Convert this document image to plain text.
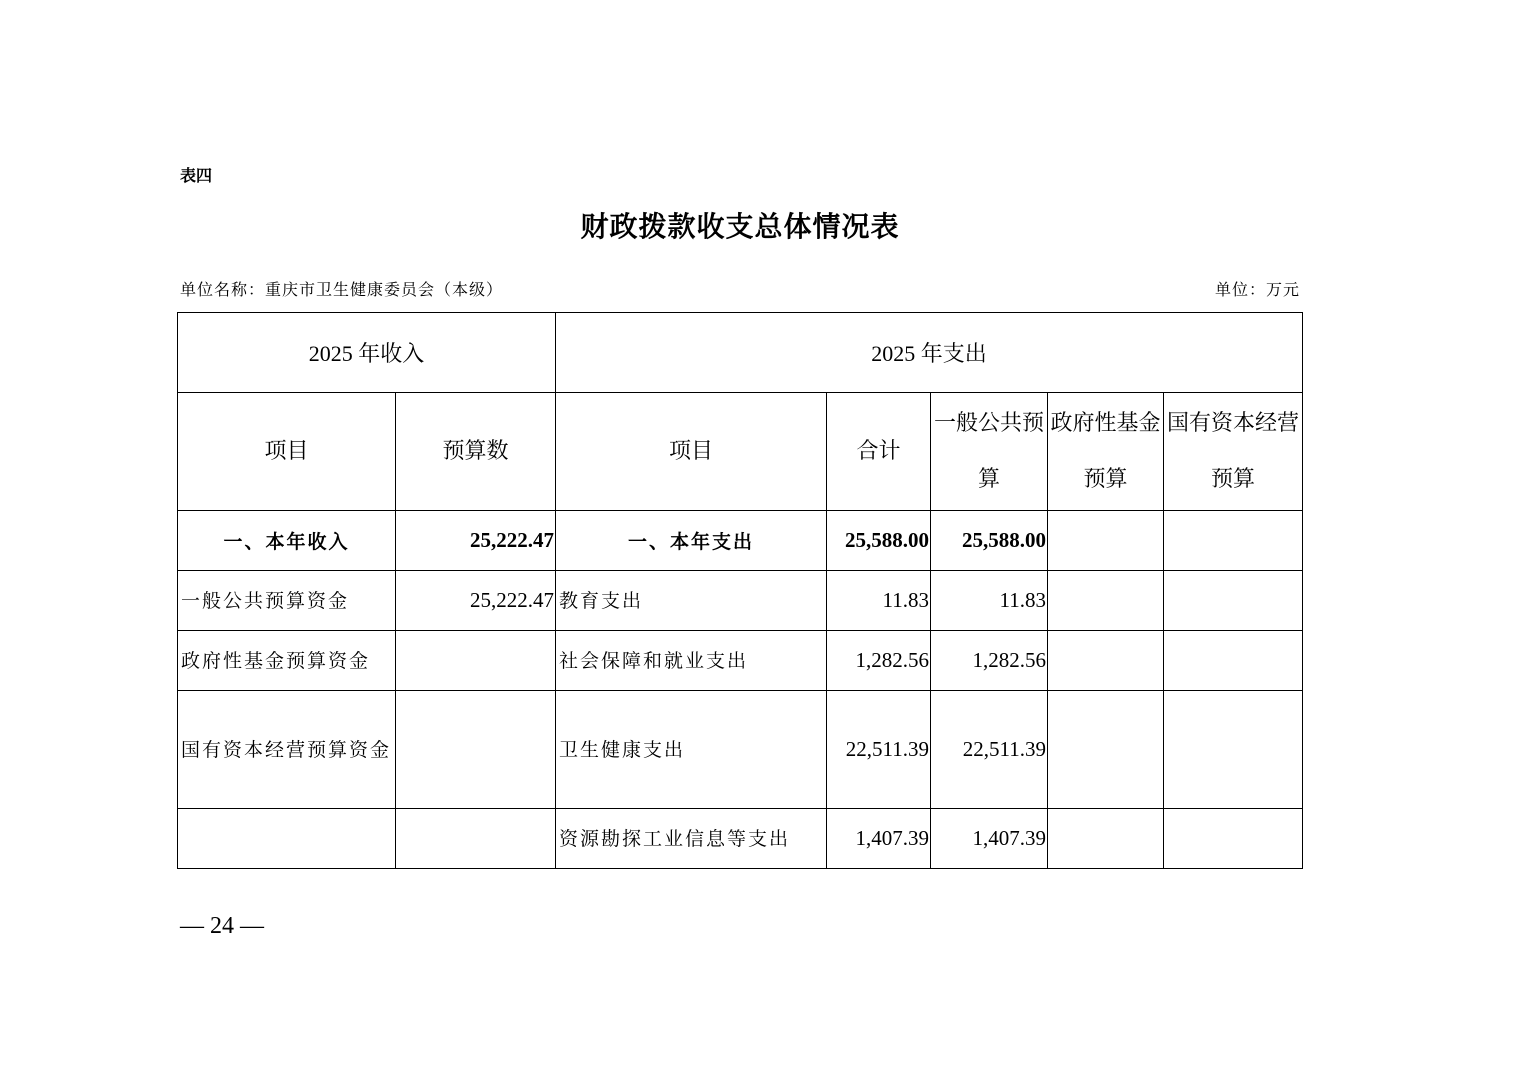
表四
财政拨款收支总体情况表
单位名称：重庆市卫生健康委员会（本级）	单位：万元
2025 年收入		2025 年支出				
项目	预算数	项目	合计	一般公共预算	政府性基金预算	国有资本经营预算
一、本年收入	25,222.47	一、本年支出	25,588.00	25,588.00		
一般公共预算资金	25,222.47	教育支出	11.83	11.83		
政府性基金预算资金		社会保障和就业支出	1,282.56	1,282.56		
国有资本经营预算资金		卫生健康支出	22,511.39	22,511.39		
		资源勘探工业信息等支出	1,407.39	1,407.39		
— 24 —
